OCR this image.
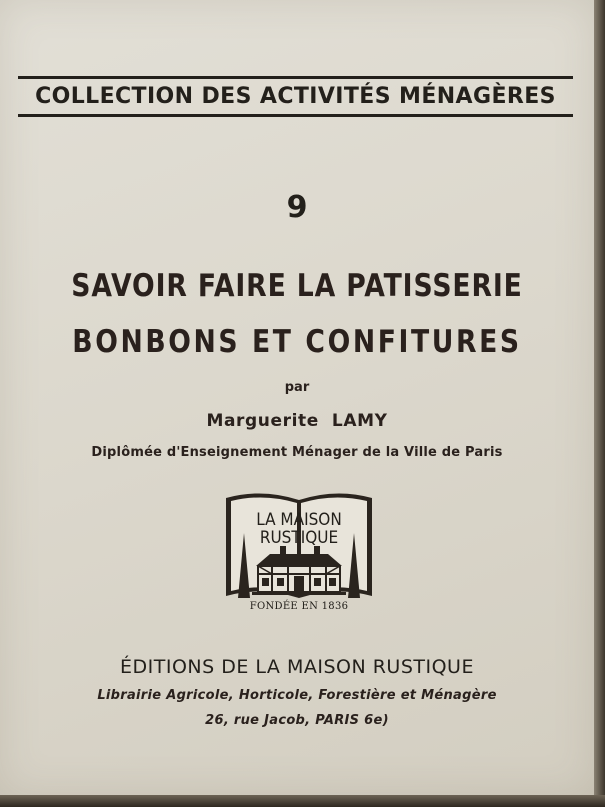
COLLECTION DES ACTIVITÉS MÉNAGÈRES
9
SAVOIR FAIRE LA PATISSERIE
BONBONS ET CONFITURES
par
Marguerite  LAMY
Diplômée d'Enseignement Ménager de la Ville de Paris
LA MAISON
RUSTIQUE
FONDÉE EN 1836
ÉDITIONS DE LA MAISON RUSTIQUE
Librairie Agricole, Horticole, Forestière et Ménagère
26, rue Jacob, PARIS 6e)
